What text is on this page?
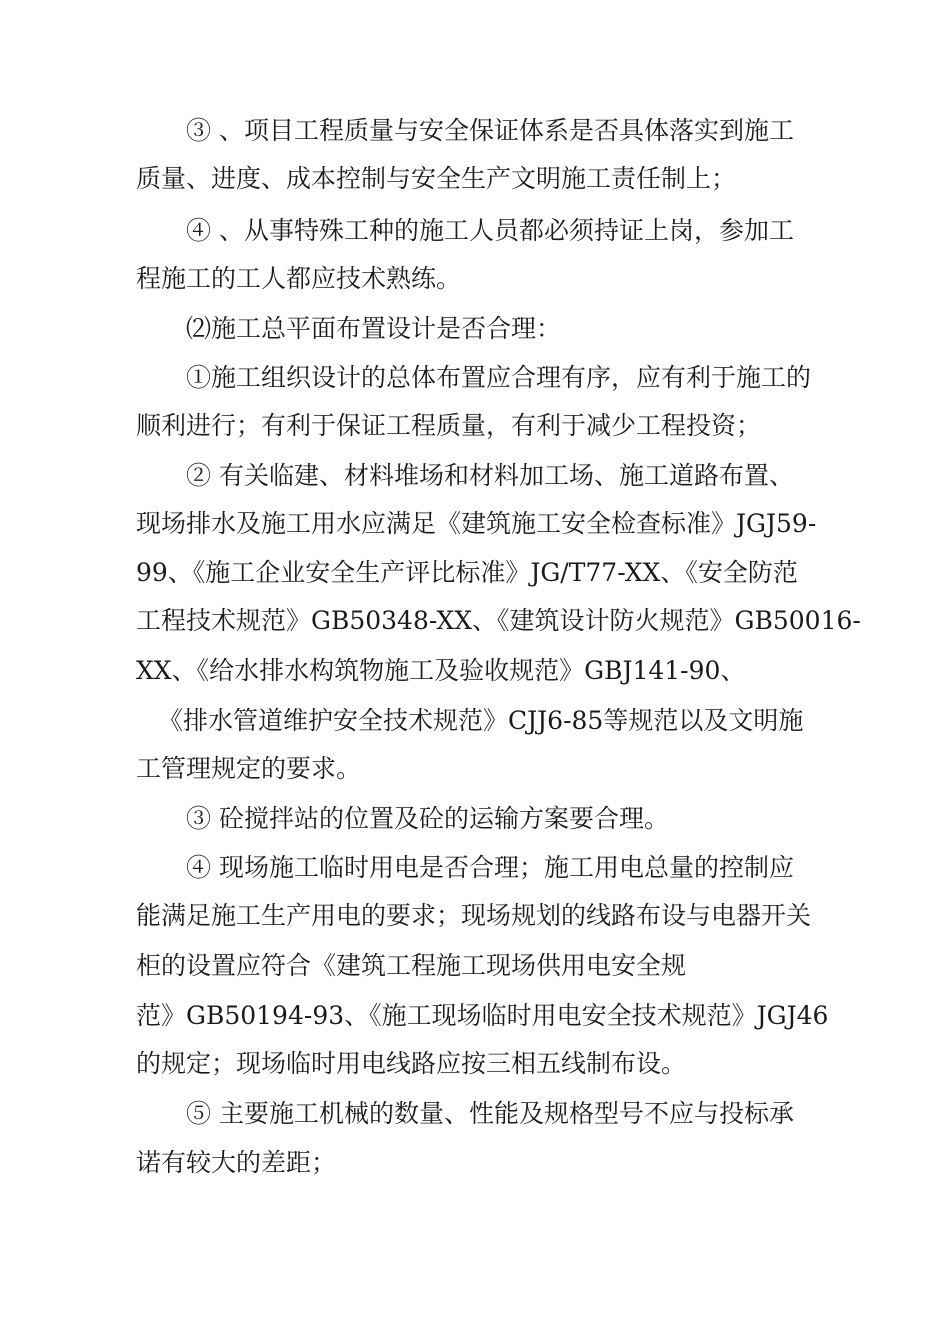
③ 、项目工程质量与安全保证体系是否具体落实到施工
质量、进度、成本控制与安全生产文明施工责任制上；
④ 、从事特殊工种的施工人员都必须持证上岗，参加工
程施工的工人都应技术熟练。
⑵施工总平面布置设计是否合理：
①施工组织设计的总体布置应合理有序，应有利于施工的
顺利进行；有利于保证工程质量，有利于减少工程投资；
② 有关临建、材料堆场和材料加工场、施工道路布置、
现场排水及施工用水应满足《建筑施工安全检查标准》JGJ59-
99、《施工企业安全生产评比标准》JG/T77-XX、《安全防范
工程技术规范》GB50348-XX、《建筑设计防火规范》GB50016-
XX、《给水排水构筑物施工及验收规范》GBJ141-90、
《排水管道维护安全技术规范》CJJ6-85等规范以及文明施
工管理规定的要求。
③ 砼搅拌站的位置及砼的运输方案要合理。
④ 现场施工临时用电是否合理；施工用电总量的控制应
能满足施工生产用电的要求；现场规划的线路布设与电器开关
柜的设置应符合《建筑工程施工现场供用电安全规
范》GB50194-93、《施工现场临时用电安全技术规范》JGJ46
的规定；现场临时用电线路应按三相五线制布设。
⑤ 主要施工机械的数量、性能及规格型号不应与投标承
诺有较大的差距；
